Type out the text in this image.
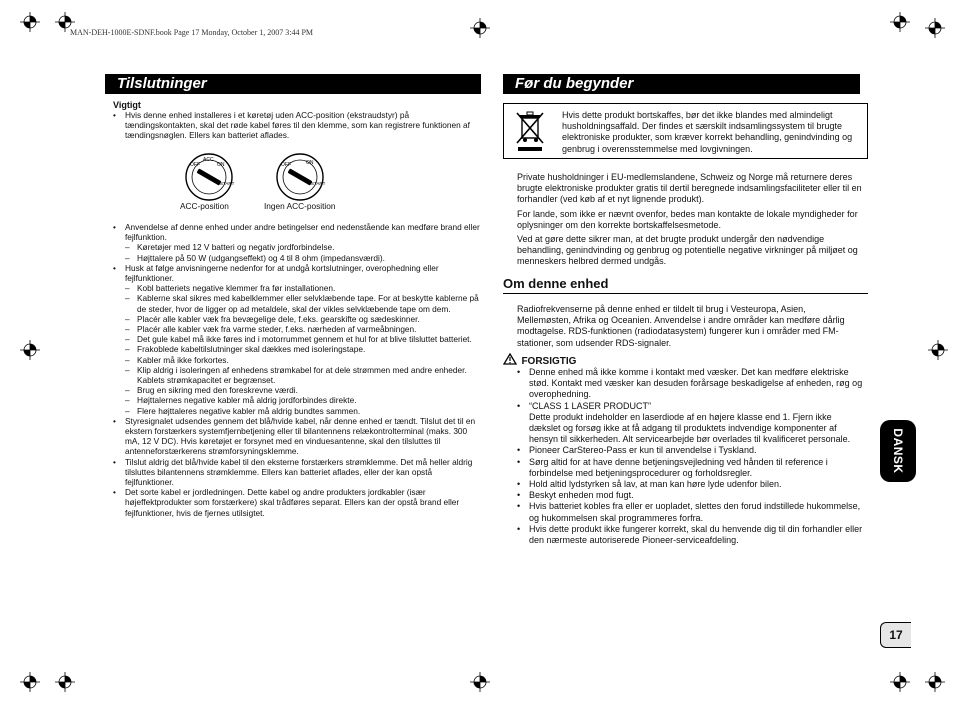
MAN-DEH-1000E-SDNF.book Page 17 Monday, October 1, 2007 3:44 PM
Tilslutninger
Vigtigt
• Hvis denne enhed installeres i et køretøj uden ACC-position (ekstraudstyr) på tændingskontakten, skal det røde kabel føres til den klemme, som kan registrere funktionen af tændingsnøglen. Ellers kan batteriet aflades.
OFF
ACC
ON
START
OFF	ON
START
ACC-position	Ingen ACC-position
• Anvendelse af denne enhed under andre betingelser end nedenstående kan medføre brand eller fejlfunktion.
– Køretøjer med 12 V batteri og negativ jordforbindelse.
– Højttalere på 50 W (udgangseffekt) og 4 til 8 ohm (impedansværdi).
• Husk at følge anvisningerne nedenfor for at undgå kortslutninger, overophedning eller fejlfunktioner.
– Kobl batteriets negative klemmer fra før installationen.
– Kablerne skal sikres med kabelklemmer eller selvklæbende tape. For at beskytte kablerne på de steder, hvor de ligger op ad metaldele, skal der vikles selvklæbende tape om dem.
– Placér alle kabler væk fra bevægelige dele, f.eks. gearskifte og sædeskinner.
– Placér alle kabler væk fra varme steder, f.eks. nærheden af varmeåbningen.
– Det gule kabel må ikke føres ind i motorrummet gennem et hul for at blive tilsluttet batteriet.
– Frakoblede kabeltilslutninger skal dækkes med isoleringstape.
– Kabler må ikke forkortes.
– Klip aldrig i isoleringen af enhedens strømkabel for at dele strømmen med andre enheder. Kablets strømkapacitet er begrænset.
– Brug en sikring med den foreskrevne værdi.
– Højttalernes negative kabler må aldrig jordforbindes direkte.
– Flere højttaleres negative kabler må aldrig bundtes sammen.
• Styresignalet udsendes gennem det blå/hvide kabel, når denne enhed er tændt. Tilslut det til en ekstern forstærkers systemfjernbetjening eller til bilantennens relækontrolterminal (maks. 300 mA, 12 V DC). Hvis køretøjet er forsynet med en vinduesantenne, skal den tilsluttes til antenneforstærkerens strømforsyningsklemme.
• Tilslut aldrig det blå/hvide kabel til den eksterne forstærkers strømklemme. Det må heller aldrig tilsluttes bilantennens strømklemme. Ellers kan batteriet aflades, eller der kan opstå fejlfunktioner.
• Det sorte kabel er jordledningen. Dette kabel og andre produkters jordkabler (især højeffektprodukter som forstærkere) skal trådføres separat. Ellers kan der opstå brand eller fejlfunktioner, hvis de fjernes utilsigtet.
Før du begynder
Hvis dette produkt bortskaffes, bør det ikke blandes med almindeligt husholdningsaffald. Der findes et særskilt indsamlingssystem til brugte elektroniske produkter, som kræver korrekt behandling, genindvinding og genbrug i overensstemmelse med lovgivningen.

Private husholdninger i EU-medlemslandene, Schweiz og Norge må returnere deres brugte elektroniske produkter gratis til dertil beregnede indsamlingsfaciliteter eller til en forhandler (ved køb af et nyt lignende produkt).

For lande, som ikke er nævnt ovenfor, bedes man kontakte de lokale myndigheder for oplysninger om den korrekte bortskaffelsesmetode.

Ved at gøre dette sikrer man, at det brugte produkt undergår den nødvendige behandling, genindvinding og genbrug og potentielle negative virkninger på miljøet og menneskers helbred dermed undgås.

Om denne enhed
Radiofrekvenserne på denne enhed er tildelt til brug i Vesteuropa, Asien, Mellemøsten, Afrika og Oceanien. Anvendelse i andre områder kan medføre dårlig modtagelse. RDS-funktionen (radiodatasystem) fungerer kun i områder med FM-stationer, som udsender RDS-signaler.
FORSIGTIG
• Denne enhed må ikke komme i kontakt med væsker. Det kan medføre elektriske stød. Kontakt med væsker kan desuden forårsage beskadigelse af enheden, røg og overophedning.
• “CLASS 1 LASER PRODUCT”
Dette produkt indeholder en laserdiode af en højere klasse end 1. Fjern ikke dækslet og forsøg ikke at få adgang til produktets indvendige komponenter af hensyn til sikkerheden. Alt servicearbejde bør overlades til kvalificeret personale.
• Pioneer CarStereo-Pass er kun til anvendelse i Tyskland.
• Sørg altid for at have denne betjeningsvejledning ved hånden til reference i forbindelse med betjeningsprocedurer og forholdsregler.
• Hold altid lydstyrken så lav, at man kan høre lyde udenfor bilen.
• Beskyt enheden mod fugt.
• Hvis batteriet kobles fra eller er uopladet, slettes den forud indstillede hukommelse, og hukommelsen skal programmeres forfra.
• Hvis dette produkt ikke fungerer korrekt, skal du henvende dig til din forhandler eller den nærmeste autoriserede Pioneer-serviceafdeling.
DANSK
17
